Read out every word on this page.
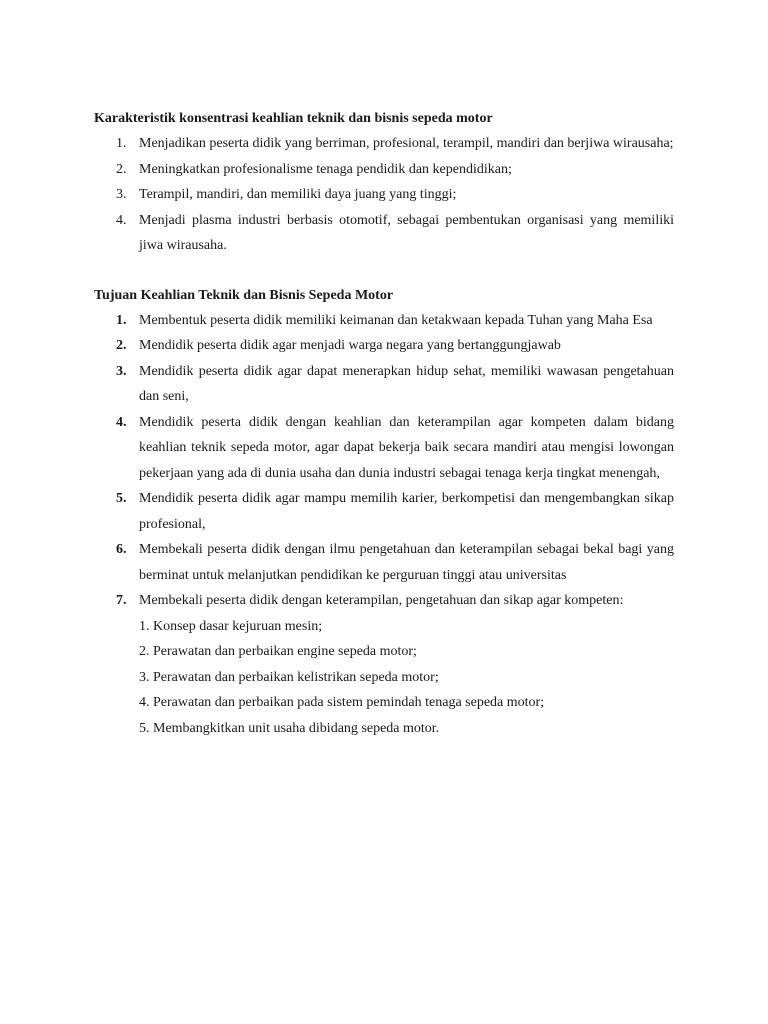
Karakteristik konsentrasi keahlian teknik dan bisnis sepeda motor

1. Menjadikan peserta didik yang berriman, profesional, terampil, mandiri dan berjiwa wirausaha;
2. Meningkatkan profesionalisme tenaga pendidik dan kependidikan;
3. Terampil, mandiri, dan memiliki daya juang yang tinggi;
4. Menjadi plasma industri berbasis otomotif, sebagai pembentukan organisasi yang memiliki jiwa wirausaha.

Tujuan Keahlian Teknik dan Bisnis Sepeda Motor

1. Membentuk peserta didik memiliki keimanan dan ketakwaan kepada Tuhan yang Maha Esa
2. Mendidik peserta didik agar menjadi warga negara yang bertanggungjawab
3. Mendidik peserta didik agar dapat menerapkan hidup sehat, memiliki wawasan pengetahuan dan seni,
4. Mendidik peserta didik dengan keahlian dan keterampilan agar kompeten dalam bidang keahlian teknik sepeda motor, agar dapat bekerja baik secara mandiri atau mengisi lowongan pekerjaan yang ada di dunia usaha dan dunia industri sebagai tenaga kerja tingkat menengah,
5. Mendidik peserta didik agar mampu memilih karier, berkompetisi dan mengembangkan sikap profesional,
6. Membekali peserta didik dengan ilmu pengetahuan dan keterampilan sebagai bekal bagi yang berminat untuk melanjutkan pendidikan ke perguruan tinggi atau universitas
7. Membekali peserta didik dengan keterampilan, pengetahuan dan sikap agar kompeten:
1. Konsep dasar kejuruan mesin;
2. Perawatan dan perbaikan engine sepeda motor;
3. Perawatan dan perbaikan kelistrikan sepeda motor;
4. Perawatan dan perbaikan pada sistem pemindah tenaga sepeda motor;
5. Membangkitkan unit usaha dibidang sepeda motor.
